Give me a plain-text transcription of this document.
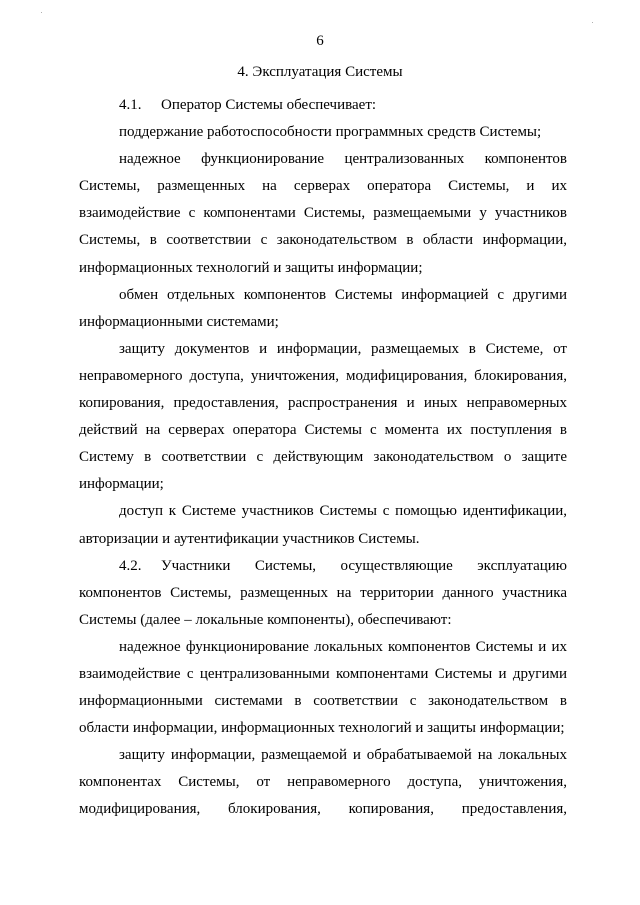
6
4. Эксплуатация Системы

4.1. Оператор Системы обеспечивает:

поддержание работоспособности программных средств Системы;

надежное функционирование централизованных компонентов Системы, размещенных на серверах оператора Системы, и их взаимодействие с компонентами Системы, размещаемыми у участников Системы, в соответствии с законодательством в области информации, информационных технологий и защиты информации;

обмен отдельных компонентов Системы информацией с другими информационными системами;

защиту документов и информации, размещаемых в Системе, от неправомерного доступа, уничтожения, модифицирования, блокирования, копирования, предоставления, распространения и иных неправомерных действий на серверах оператора Системы с момента их поступления в Систему в соответствии с действующим законодательством о защите информации;

доступ к Системе участников Системы с помощью идентификации, авторизации и аутентификации участников Системы.

4.2. Участники Системы, осуществляющие эксплуатацию компонентов Системы, размещенных на территории данного участника Системы (далее – локальные компоненты), обеспечивают:

надежное функционирование локальных компонентов Системы и их взаимодействие с централизованными компонентами Системы и другими информационными системами в соответствии с законодательством в области информации, информационных технологий и защиты информации;

защиту информации, размещаемой и обрабатываемой на локальных компонентах Системы, от неправомерного доступа, уничтожения, модифицирования, блокирования, копирования, предоставления,
